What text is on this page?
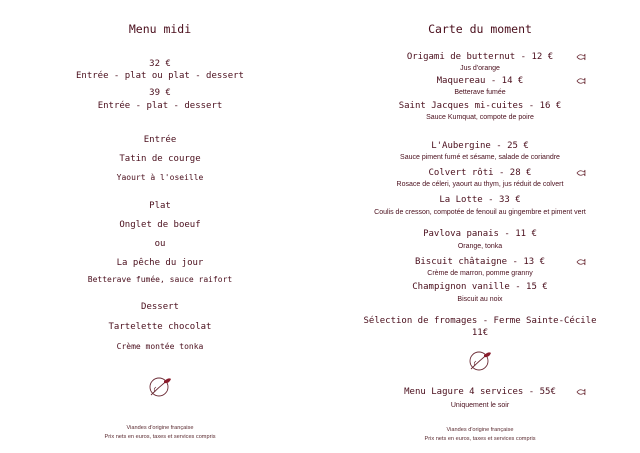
Menu midi
32 €
Entrée - plat ou plat - dessert
39 €
Entrée - plat - dessert
Entrée
Tatin de courge
Yaourt à l'oseille
Plat
Onglet de boeuf
ou
La pêche du jour
Betterave fumée, sauce raifort
Dessert
Tartelette chocolat
Crème montée tonka
Viandes d'origine française
Prix nets en euros, taxes et services compris
Carte du moment
Origami de butternut - 12 €
Jus d'orange
Maquereau - 14 €
Betterave fumée
Saint Jacques mi-cuites - 16 €
Sauce Kumquat, compote de poire
L'Aubergine - 25 €
Sauce piment fumé et sésame, salade de coriandre
Colvert rôti - 28 €
Rosace de céleri, yaourt au thym, jus réduit de colvert
La Lotte - 33 €
Coulis de cresson, compotée de fenouil au gingembre et piment vert
Pavlova panais - 11 €
Orange, tonka
Biscuit châtaigne - 13 €
Crème de marron, pomme granny
Champignon vanille - 15 €
Biscuit au noix
Sélection de fromages - Ferme Sainte-Cécile
11€
Menu Lagure 4 services - 55€
Uniquement le soir
Viandes d'origine française
Prix nets en euros, taxes et services compris
